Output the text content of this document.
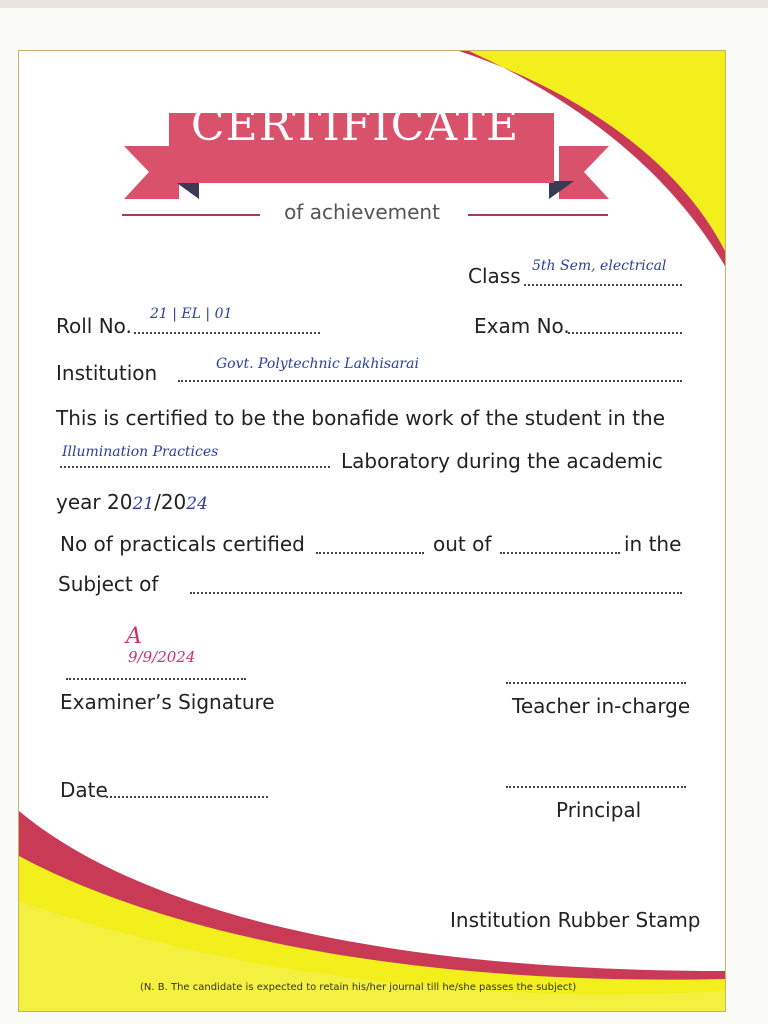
CERTIFICATE
of achievement
Class 5th Sem, electrical
Roll No. 21 | EL | 01	Exam No.
Institution	Govt. Polytechnic Lakhisarai
This is certified to be the bonafide work of the student in the
Illumination Practices	Laboratory during the academic
year 2021/2024
No of practicals certified	out of	in the
Subject of
A
9/9/2024
Examiner’s Signature	Teacher in-charge
Date
Principal
Institution Rubber Stamp
(N. B. The candidate is expected to retain his/her journal till he/she passes the subject)
